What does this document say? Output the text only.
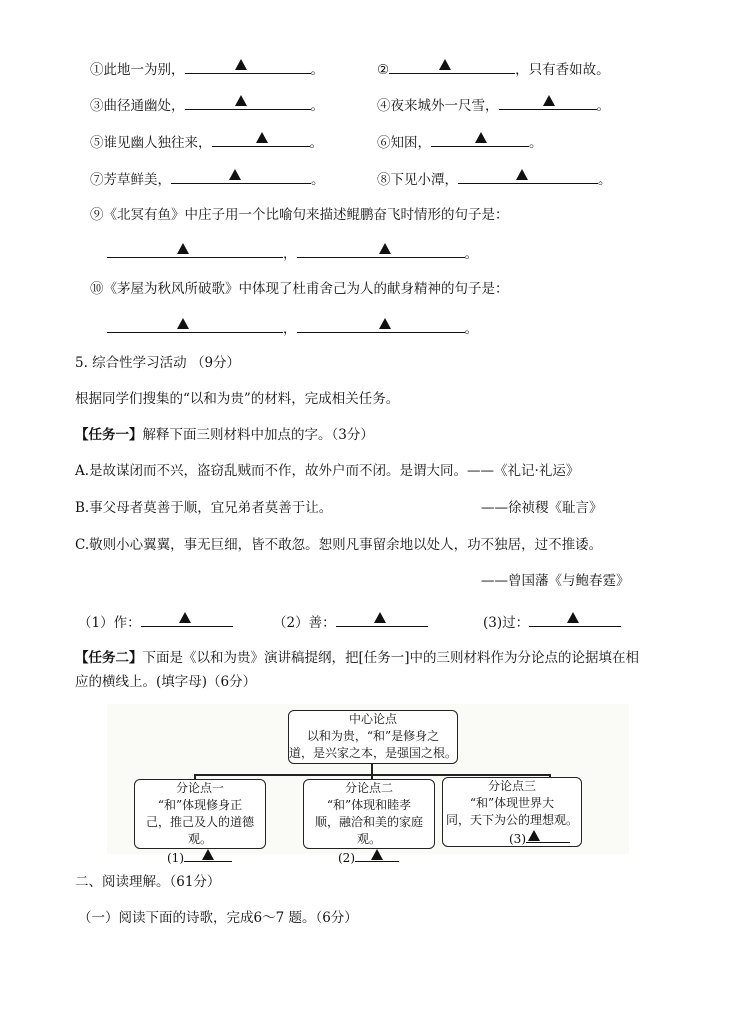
①此地一为别，	。	②	，只有香如故。
③曲径通幽处，	。	④夜来城外一尺雪，	。
⑤谁见幽人独往来，	。	⑥知困，	。
⑦芳草鲜美，	。	⑧下见小潭，	。
⑨《北冥有鱼》中庄子用一个比喻句来描述鲲鹏奋飞时情形的句子是：
，	。
⑩《茅屋为秋风所破歌》中体现了杜甫舍己为人的献身精神的句子是：
，	。
5. 综合性学习活动 （9分）
根据同学们搜集的“以和为贵”的材料，完成相关任务。
【任务一】解释下面三则材料中加点的字。（3分）
A.是故谋闭而不兴，盗窃乱贼而不作，故外户而不闭。是谓大同。——《礼记·礼运》
B.事父母者莫善于顺，宜兄弟者莫善于让。	——徐祯稷《耻言》
C.敬则小心翼翼，事无巨细，皆不敢忽。恕则凡事留余地以处人，功不独居，过不推诿。
——曾国藩《与鲍春霆》
（1）作：	（2）善：	(3)过：
【任务二】下面是《以和为贵》演讲稿提纲，把[任务一]中的三则材料作为分论点的论据填在相
应的横线上。(填字母)（6分）
中心论点
以和为贵，“和”是修身之
道，是兴家之本，是强国之根。
分论点一
“和”体现修身正
己，推己及人的道德观。
(1)
分论点二
“和”体现和睦孝
顺，融洽和美的家庭观。
(2)
分论点三
“和”体现世界大
同，天下为公的理想观。
(3)
二、阅读理解。（61分）
（一）阅读下面的诗歌，完成6～7 题。（6分）
